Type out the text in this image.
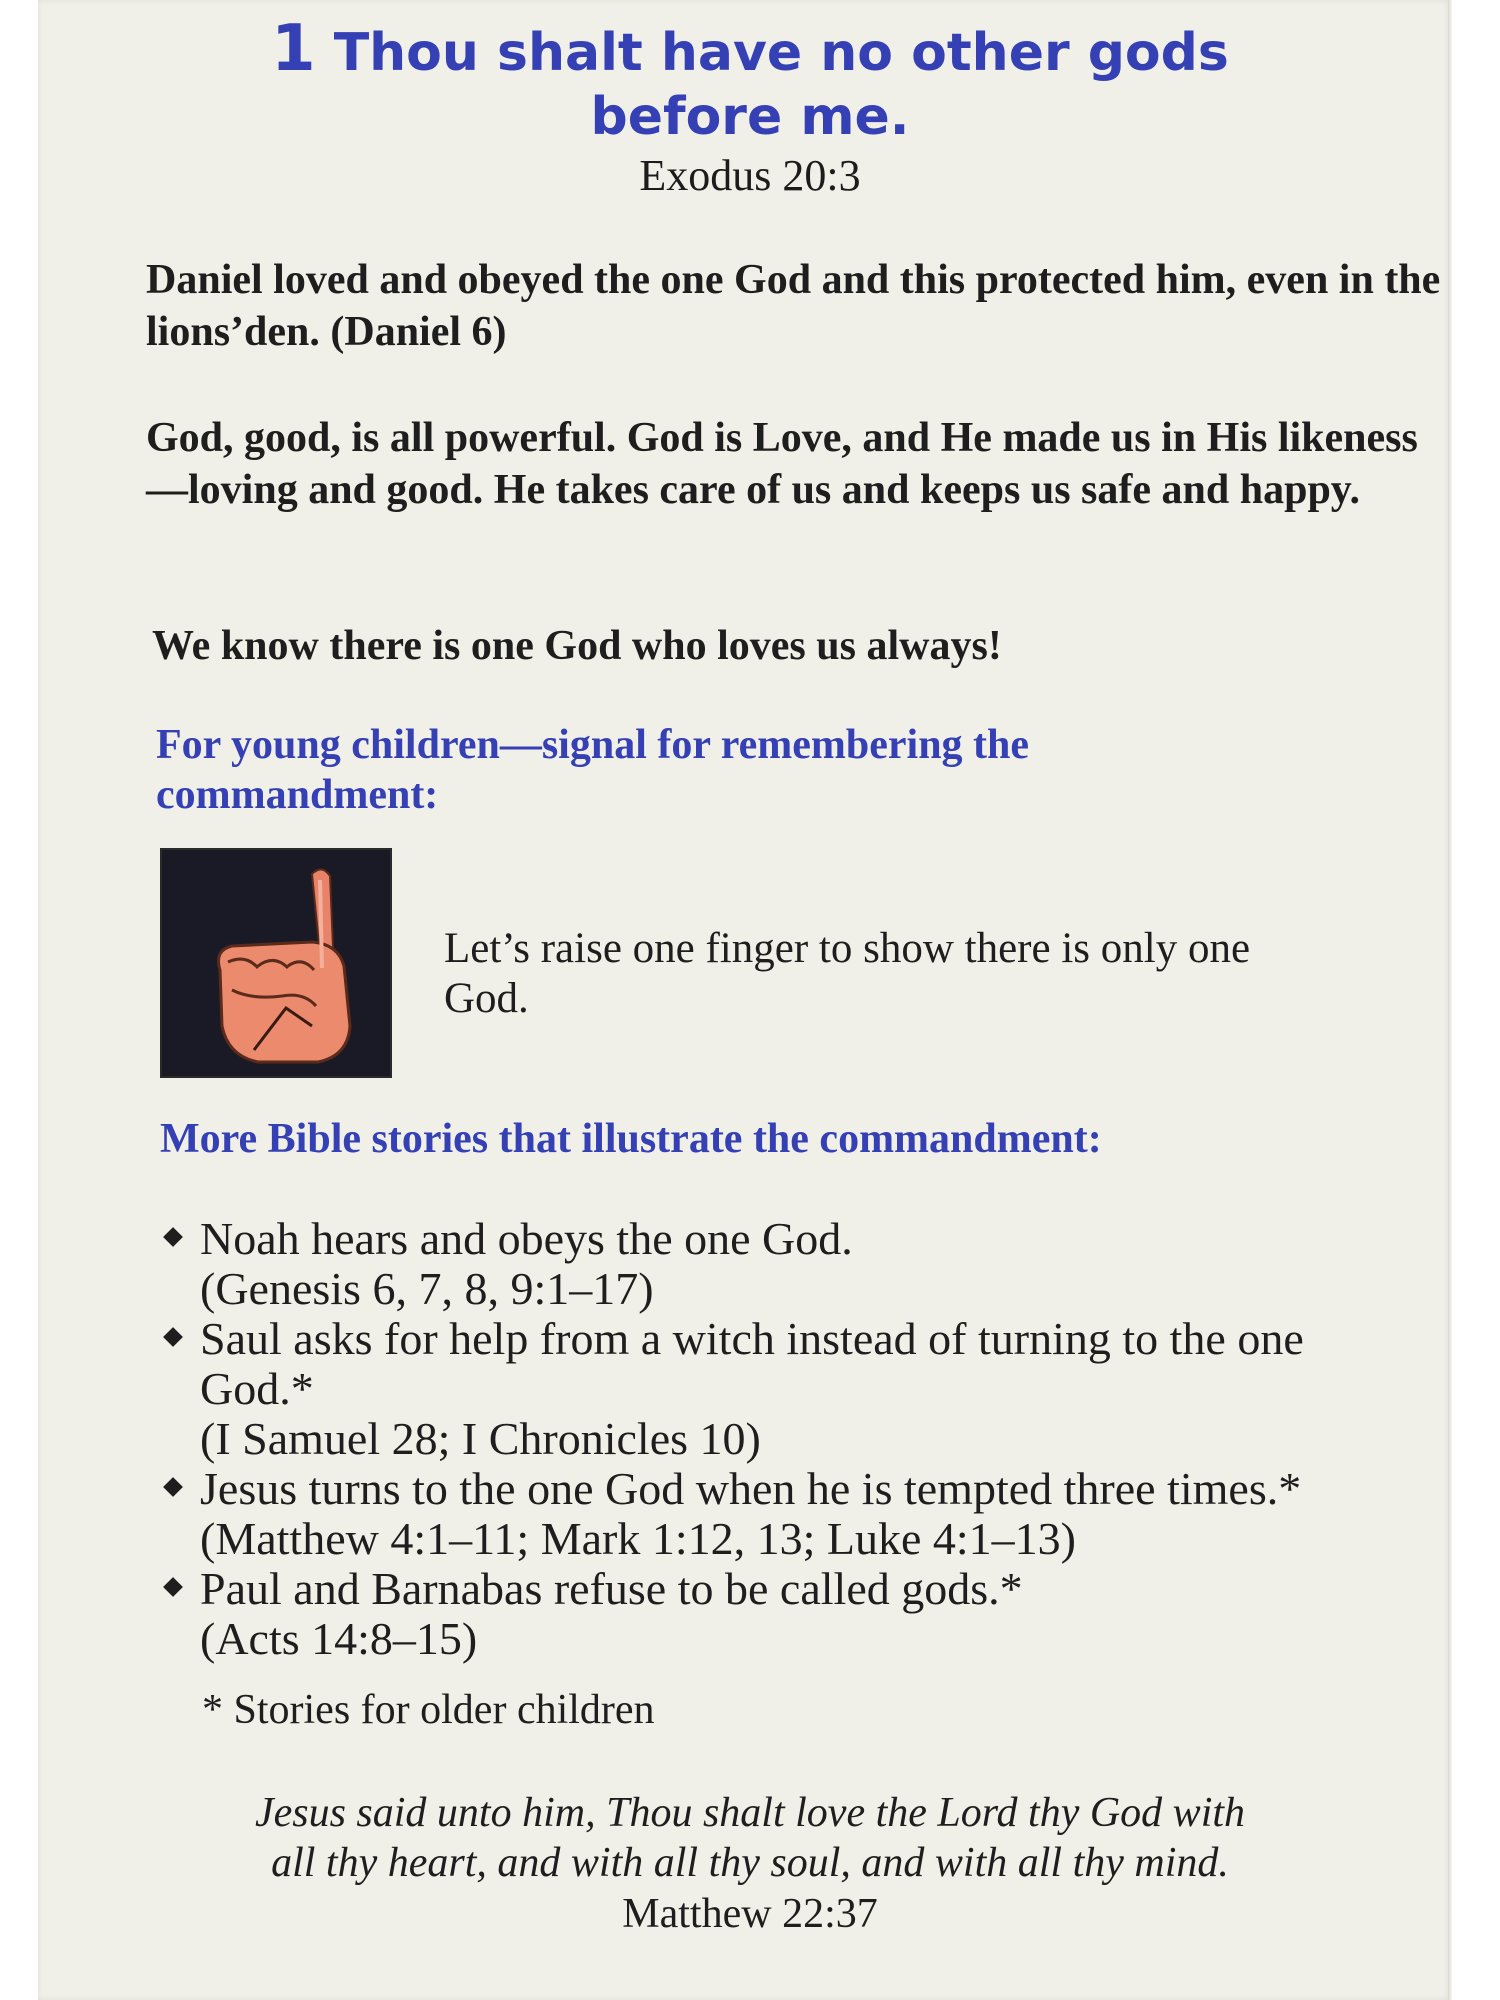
1 Thou shalt have no other gods
before me.
Exodus 20:3
Daniel loved and obeyed the one God and this protected him, even in the lions’den. (Daniel 6)
God, good, is all powerful. God is Love, and He made us in His likeness—loving and good. He takes care of us and keeps us safe and happy.
We know there is one God who loves us always!
For young children—signal for remembering the commandment:
Let’s raise one finger to show there is only one God.
More Bible stories that illustrate the commandment:
Noah hears and obeys the one God.
(Genesis 6, 7, 8, 9:1–17)
Saul asks for help from a witch instead of turning to the one God.*
(I Samuel 28; I Chronicles 10)
Jesus turns to the one God when he is tempted three times.*
(Matthew 4:1–11; Mark 1:12, 13; Luke 4:1–13)
Paul and Barnabas refuse to be called gods.*
(Acts 14:8–15)
* Stories for older children
Jesus said unto him, Thou shalt love the Lord thy God with
all thy heart, and with all thy soul, and with all thy mind.
Matthew 22:37
